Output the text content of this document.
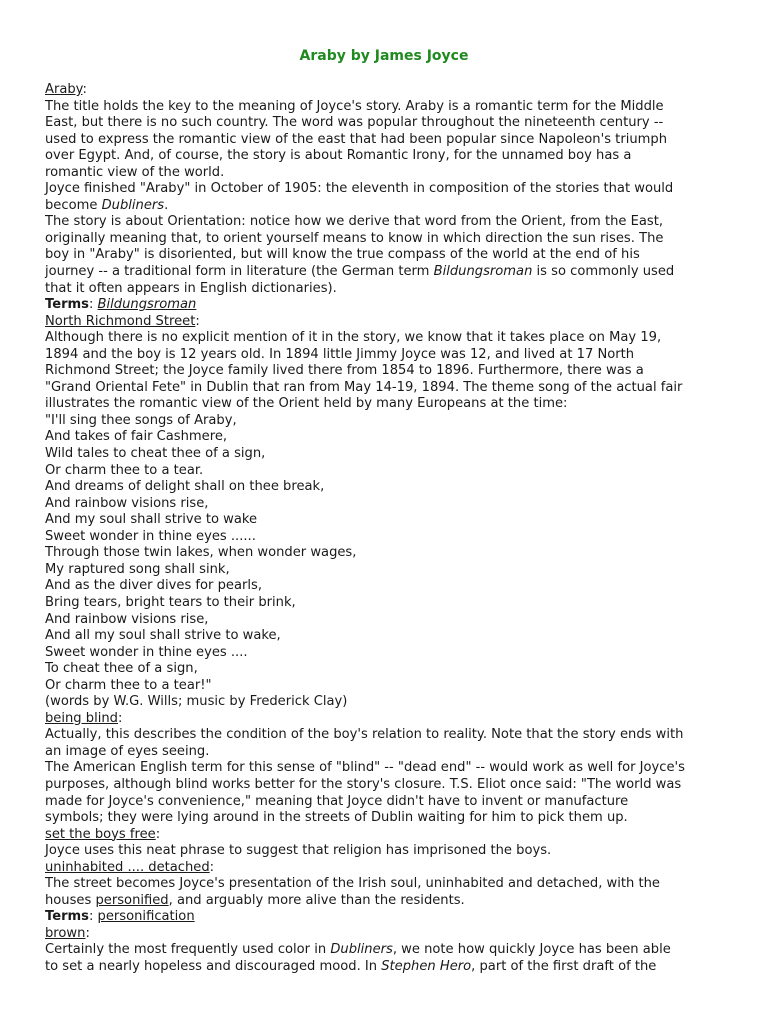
Araby by James Joyce
Araby:
The title holds the key to the meaning of Joyce's story. Araby is a romantic term for the Middle
East, but there is no such country. The word was popular throughout the nineteenth century --
used to express the romantic view of the east that had been popular since Napoleon's triumph
over Egypt. And, of course, the story is about Romantic Irony, for the unnamed boy has a
romantic view of the world.
Joyce finished "Araby" in October of 1905: the eleventh in composition of the stories that would
become Dubliners.
The story is about Orientation: notice how we derive that word from the Orient, from the East,
originally meaning that, to orient yourself means to know in which direction the sun rises. The
boy in "Araby" is disoriented, but will know the true compass of the world at the end of his
journey -- a traditional form in literature (the German term Bildungsroman is so commonly used
that it often appears in English dictionaries).
Terms: Bildungsroman
North Richmond Street:
Although there is no explicit mention of it in the story, we know that it takes place on May 19,
1894 and the boy is 12 years old. In 1894 little Jimmy Joyce was 12, and lived at 17 North
Richmond Street; the Joyce family lived there from 1854 to 1896. Furthermore, there was a
"Grand Oriental Fete" in Dublin that ran from May 14-19, 1894. The theme song of the actual fair
illustrates the romantic view of the Orient held by many Europeans at the time:
"I'll sing thee songs of Araby,
And takes of fair Cashmere,
Wild tales to cheat thee of a sign,
Or charm thee to a tear.
And dreams of delight shall on thee break,
And rainbow visions rise,
And my soul shall strive to wake
Sweet wonder in thine eyes ......
Through those twin lakes, when wonder wages,
My raptured song shall sink,
And as the diver dives for pearls,
Bring tears, bright tears to their brink,
And rainbow visions rise,
And all my soul shall strive to wake,
Sweet wonder in thine eyes ....
To cheat thee of a sign,
Or charm thee to a tear!"
(words by W.G. Wills; music by Frederick Clay)
being blind:
Actually, this describes the condition of the boy's relation to reality. Note that the story ends with
an image of eyes seeing.
The American English term for this sense of "blind" -- "dead end" -- would work as well for Joyce's
purposes, although blind works better for the story's closure. T.S. Eliot once said: "The world was
made for Joyce's convenience," meaning that Joyce didn't have to invent or manufacture
symbols; they were lying around in the streets of Dublin waiting for him to pick them up.
set the boys free:
Joyce uses this neat phrase to suggest that religion has imprisoned the boys.
uninhabited .... detached:
The street becomes Joyce's presentation of the Irish soul, uninhabited and detached, with the
houses personified, and arguably more alive than the residents.
Terms: personification
brown:
Certainly the most frequently used color in Dubliners, we note how quickly Joyce has been able
to set a nearly hopeless and discouraged mood. In Stephen Hero, part of the first draft of the
